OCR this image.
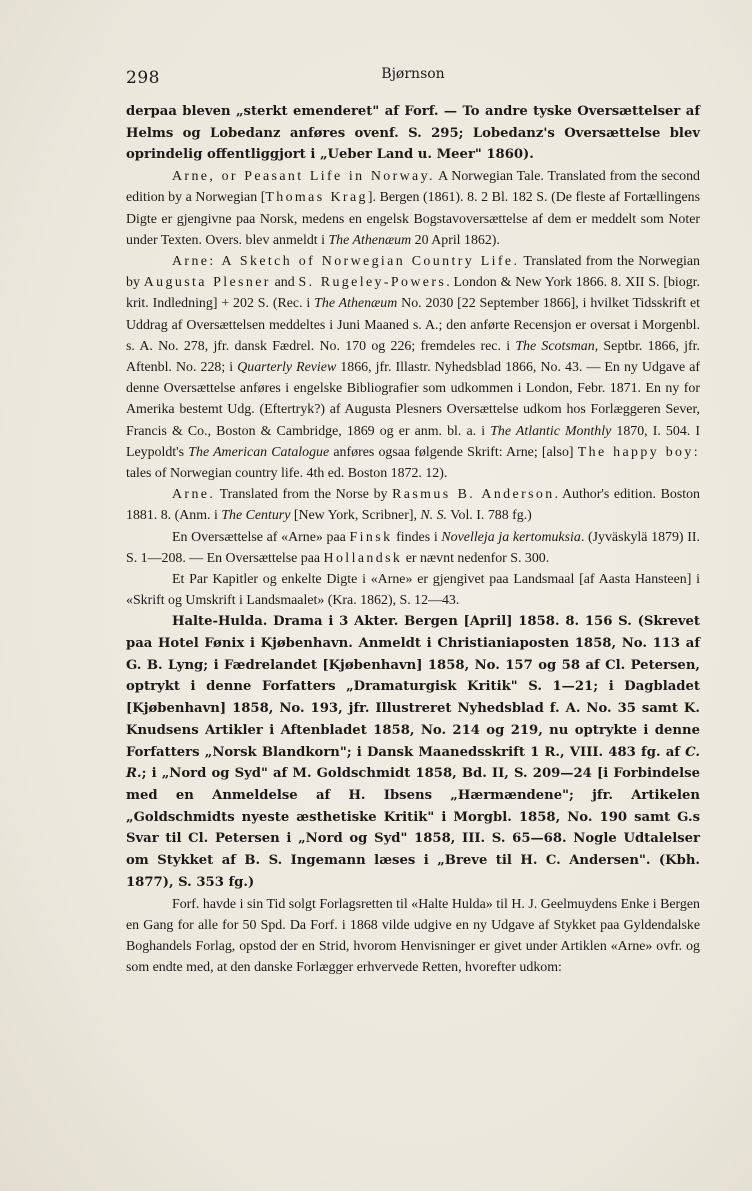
298	Bjørnson

derpaa bleven „sterkt emenderet" af Forf. — To andre tyske Oversættelser af Helms og Lobedanz anføres ovenf. S. 295; Lobedanz's Oversættelse blev oprindelig offentliggjort i „Ueber Land u. Meer" 1860).

Arne, or Peasant Life in Norway. A Norwegian Tale. Translated from the second edition by a Norwegian [Thomas Krag]. Bergen (1861). 8. 2 Bl. 182 S. (De fleste af Fortællingens Digte er gjengivne paa Norsk, medens en engelsk Bogstavoversættelse af dem er meddelt som Noter under Texten. Overs. blev anmeldt i The Athenæum 20 April 1862).

Arne: A Sketch of Norwegian Country Life. Translated from the Norwegian by Augusta Plesner and S. Rugeley-Powers. London & New York 1866. 8. XII S. [biogr. krit. Indledning] + 202 S. (Rec. i The Athenæum No. 2030 [22 September 1866], i hvilket Tidsskrift et Uddrag af Oversættelsen meddeltes i Juni Maaned s. A.; den anførte Recensjon er oversat i Morgenbl. s. A. No. 278, jfr. dansk Fædrel. No. 170 og 226; fremdeles rec. i The Scotsman, Septbr. 1866, jfr. Aftenbl. No. 228; i Quarterly Review 1866, jfr. Illastr. Nyhedsblad 1866, No. 43. — En ny Udgave af denne Oversættelse anføres i engelske Bibliografier som udkommen i London, Febr. 1871. En ny for Amerika bestemt Udg. (Eftertryk?) af Augusta Plesners Oversættelse udkom hos Forlæggeren Sever, Francis & Co., Boston & Cambridge, 1869 og er anm. bl. a. i The Atlantic Monthly 1870, I. 504. I Leypoldt's The American Catalogue anføres ogsaa følgende Skrift: Arne; [also] The happy boy: tales of Norwegian country life. 4th ed. Boston 1872. 12).

Arne. Translated from the Norse by Rasmus B. Anderson. Author's edition. Boston 1881. 8. (Anm. i The Century [New York, Scribner], N. S. Vol. I. 788 fg.)

En Oversættelse af «Arne» paa Finsk findes i Novelleja ja kertomuksia. (Jyväskylä 1879) II. S. 1—208. — En Oversættelse paa Hollandsk er nævnt nedenfor S. 300.

Et Par Kapitler og enkelte Digte i «Arne» er gjengivet paa Landsmaal [af Aasta Hansteen] i «Skrift og Umskrift i Landsmaalet» (Kra. 1862), S. 12—43.

Halte-Hulda. Drama i 3 Akter. Bergen [April] 1858. 8. 156 S. (Skrevet paa Hotel Fønix i Kjøbenhavn. Anmeldt i Christianiaposten 1858, No. 113 af G. B. Lyng; i Fædrelandet [Kjøbenhavn] 1858, No. 157 og 58 af Cl. Petersen, optrykt i denne Forfatters „Dramaturgisk Kritik" S. 1—21; i Dagbladet [Kjøbenhavn] 1858, No. 193, jfr. Illustreret Nyhedsblad f. A. No. 35 samt K. Knudsens Artikler i Aftenbladet 1858, No. 214 og 219, nu optrykte i denne Forfatters „Norsk Blandkorn"; i Dansk Maanedsskrift 1 R., VIII. 483 fg. af C. R.; i „Nord og Syd" af M. Goldschmidt 1858, Bd. II, S. 209—24 [i Forbindelse med en Anmeldelse af H. Ibsens „Hærmændene"; jfr. Artikelen „Goldschmidts nyeste æsthetiske Kritik" i Morgbl. 1858, No. 190 samt G.s Svar til Cl. Petersen i „Nord og Syd" 1858, III. S. 65—68. Nogle Udtalelser om Stykket af B. S. Ingemann læses i „Breve til H. C. Andersen". (Kbh. 1877), S. 353 fg.)

Forf. havde i sin Tid solgt Forlagsretten til «Halte Hulda» til H. J. Geelmuydens Enke i Bergen en Gang for alle for 50 Spd. Da Forf. i 1868 vilde udgive en ny Udgave af Stykket paa Gyldendalske Boghandels Forlag, opstod der en Strid, hvorom Henvisninger er givet under Artiklen «Arne» ovfr. og som endte med, at den danske Forlægger erhvervede Retten, hvorefter udkom:
